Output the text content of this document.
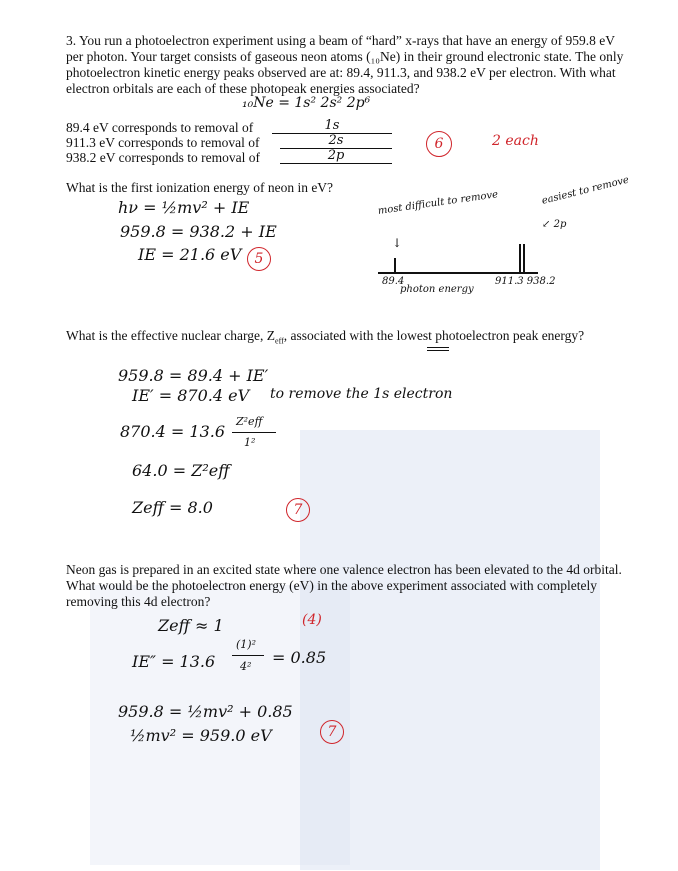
3. You run a photoelectron experiment using a beam of “hard” x-rays that have an energy of 959.8 eV per photon. Your target consists of gaseous neon atoms (₁₀Ne) in their ground electronic state. The only photoelectron kinetic energy peaks observed are at: 89.4, 911.3, and 938.2 eV per electron. With what electron orbitals are each of these photopeak energies associated?
₁₀Ne = 1s² 2s² 2p⁶
89.4 eV corresponds to removal of	1s
911.3 eV corresponds to removal of	2s
938.2 eV corresponds to removal of	2p
6	2 each
What is the first ionization energy of neon in eV?
hν = ½mv² + IE
959.8 = 938.2 + IE
IE = 21.6 eV 5
most difficult to remove	easiest to remove
↙ 2p
↓
89.4
photon energy
911.3 938.2
What is the effective nuclear charge, $Z_{eff}$, associated with the lowest photoelectron peak energy?
959.8 = 89.4 + IE′
IE′ = 870.4 eV to remove the 1s electron
870.4 = 13.6
Z²eff
1²
64.0 = Z²eff
Zeff = 8.0	7
Neon gas is prepared in an excited state where one valence electron has been elevated to the 4d orbital. What would be the photoelectron energy (eV) in the above experiment associated with completely removing this 4d electron?
Zeff ≈ 1	(4)
IE″ = 13.6
(1)²
4² = 0.85
959.8 = ½mv² + 0.85
½mv² = 959.0 eV	7
